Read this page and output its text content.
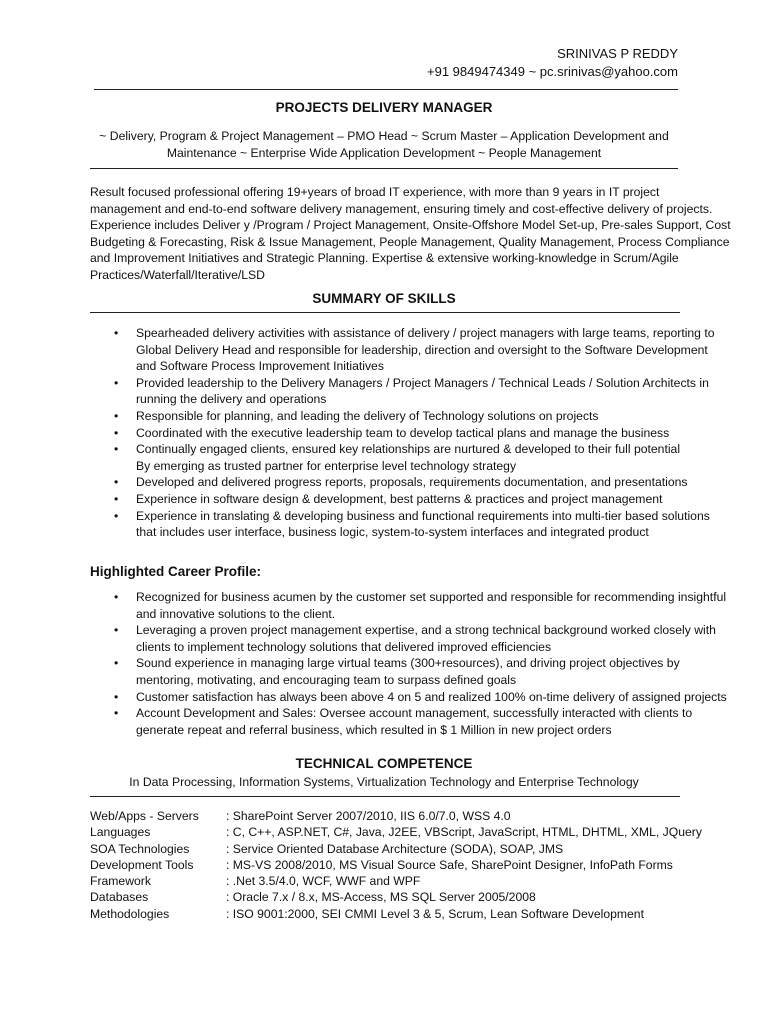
SRINIVAS P REDDY
+91 9849474349 ~ pc.srinivas@yahoo.com
PROJECTS DELIVERY MANAGER
~ Delivery, Program & Project Management – PMO Head ~ Scrum Master – Application Development and
Maintenance ~ Enterprise Wide Application Development ~ People Management
Result focused professional offering 19+years of broad IT experience, with more than 9 years in IT project
management and end-to-end software delivery management, ensuring timely and cost-effective delivery of projects.
Experience includes Deliver y /Program / Project Management, Onsite-Offshore Model Set-up, Pre-sales Support, Cost
Budgeting & Forecasting, Risk & Issue Management, People Management, Quality Management, Process Compliance
and Improvement Initiatives and Strategic Planning. Expertise & extensive working-knowledge in Scrum/Agile
Practices/Waterfall/Iterative/LSD
SUMMARY OF SKILLS
• Spearheaded delivery activities with assistance of delivery / project managers with large teams, reporting to
Global Delivery Head and responsible for leadership, direction and oversight to the Software Development
and Software Process Improvement Initiatives
• Provided leadership to the Delivery Managers / Project Managers / Technical Leads / Solution Architects in
running the delivery and operations
• Responsible for planning, and leading the delivery of Technology solutions on projects
• Coordinated with the executive leadership team to develop tactical plans and manage the business
• Continually engaged clients, ensured key relationships are nurtured & developed to their full potential
By emerging as trusted partner for enterprise level technology strategy
• Developed and delivered progress reports, proposals, requirements documentation, and presentations
• Experience in software design & development, best patterns & practices and project management
• Experience in translating & developing business and functional requirements into multi-tier based solutions
that includes user interface, business logic, system-to-system interfaces and integrated product
Highlighted Career Profile:
• Recognized for business acumen by the customer set supported and responsible for recommending insightful
and innovative solutions to the client.
• Leveraging a proven project management expertise, and a strong technical background worked closely with
clients to implement technology solutions that delivered improved efficiencies
• Sound experience in managing large virtual teams (300+resources), and driving project objectives by
mentoring, motivating, and encouraging team to surpass defined goals
• Customer satisfaction has always been above 4 on 5 and realized 100% on-time delivery of assigned projects
• Account Development and Sales: Oversee account management, successfully interacted with clients to
generate repeat and referral business, which resulted in $ 1 Million in new project orders
TECHNICAL COMPETENCE
In Data Processing, Information Systems, Virtualization Technology and Enterprise Technology
Web/Apps - Servers	: SharePoint Server 2007/2010, IIS 6.0/7.0, WSS 4.0
Languages	: C, C++, ASP.NET, C#, Java, J2EE, VBScript, JavaScript, HTML, DHTML, XML, JQuery
SOA Technologies	: Service Oriented Database Architecture (SODA), SOAP, JMS
Development Tools	: MS-VS 2008/2010, MS Visual Source Safe, SharePoint Designer, InfoPath Forms
Framework	: .Net 3.5/4.0, WCF, WWF and WPF
Databases	: Oracle 7.x / 8.x, MS-Access, MS SQL Server 2005/2008
Methodologies	: ISO 9001:2000, SEI CMMI Level 3 & 5, Scrum, Lean Software Development
